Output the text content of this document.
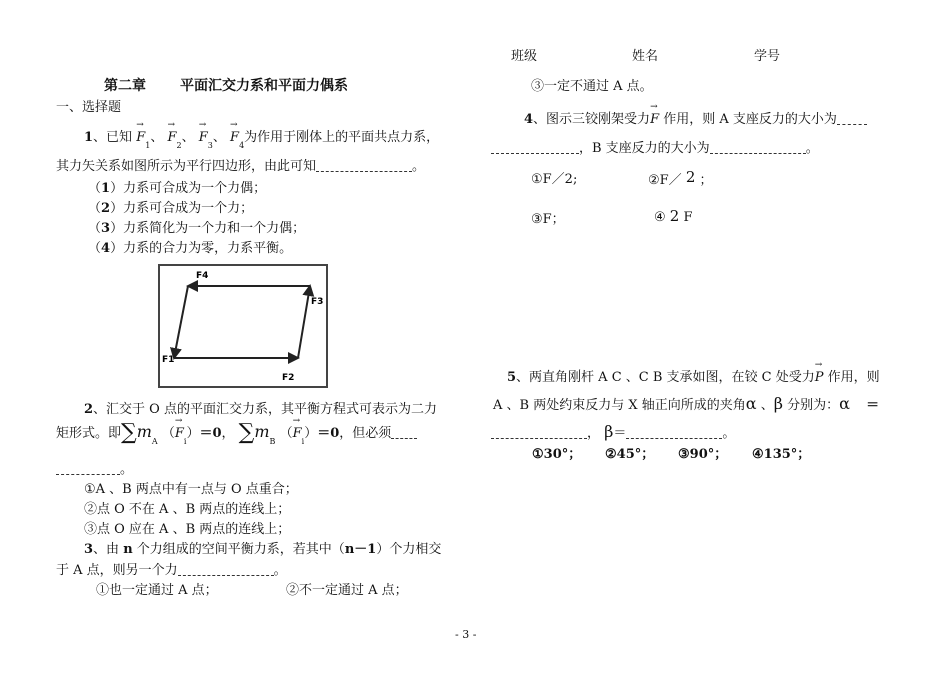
班级	姓名	学号
第二章 平面汇交力系和平面力偶系
一、选择题
1、已知 → $F_1$、 → $F_2$、 → $F_3$、 → $F_4$为作用于刚体上的平面共点力系，
其力矢关系如图所示为平行四边形，由此可知	。
（1）力系可合成为一个力偶；
（2）力系可合成为一个力；
（3）力系简化为一个力和一个力偶；
（4）力系的合力为零，力系平衡。
F4
F3
F1
F2
2、汇交于 O 点的平面汇交力系，其平衡方程式可表示为二力
矩形式。即$\sum m_A$ （→ $F_i)=0$， $\sum m_B$ （→ $F_i)=0$，但必须
。
①A 、B 两点中有一点与 O 点重合；
②点 O 不在 A 、B 两点的连线上；
③点 O 应在 A 、B 两点的连线上；
3、由 n 个力组成的空间平衡力系，若其中（n－1）个力相交
于 A 点，则另一个力	。
①也一定通过 A 点；	②不一定通过 A 点；
③一定不通过 A 点。
4、图示三铰刚架受力→ F 作用，则 A 支座反力的大小为
，B 支座反力的大小为	。
①F／2;	②F／ 2 ；
③F；	④ 2 F
5、两直角刚杆 A C 、C B 支承如图，在铰 C 处受力→ P 作用，则
A 、B 两处约束反力与 X 轴正向所成的夹角α 、β 分别为：α ＝
， β＝	。
①30°； ②45°； ③90°； ④135°；
- 3 -
